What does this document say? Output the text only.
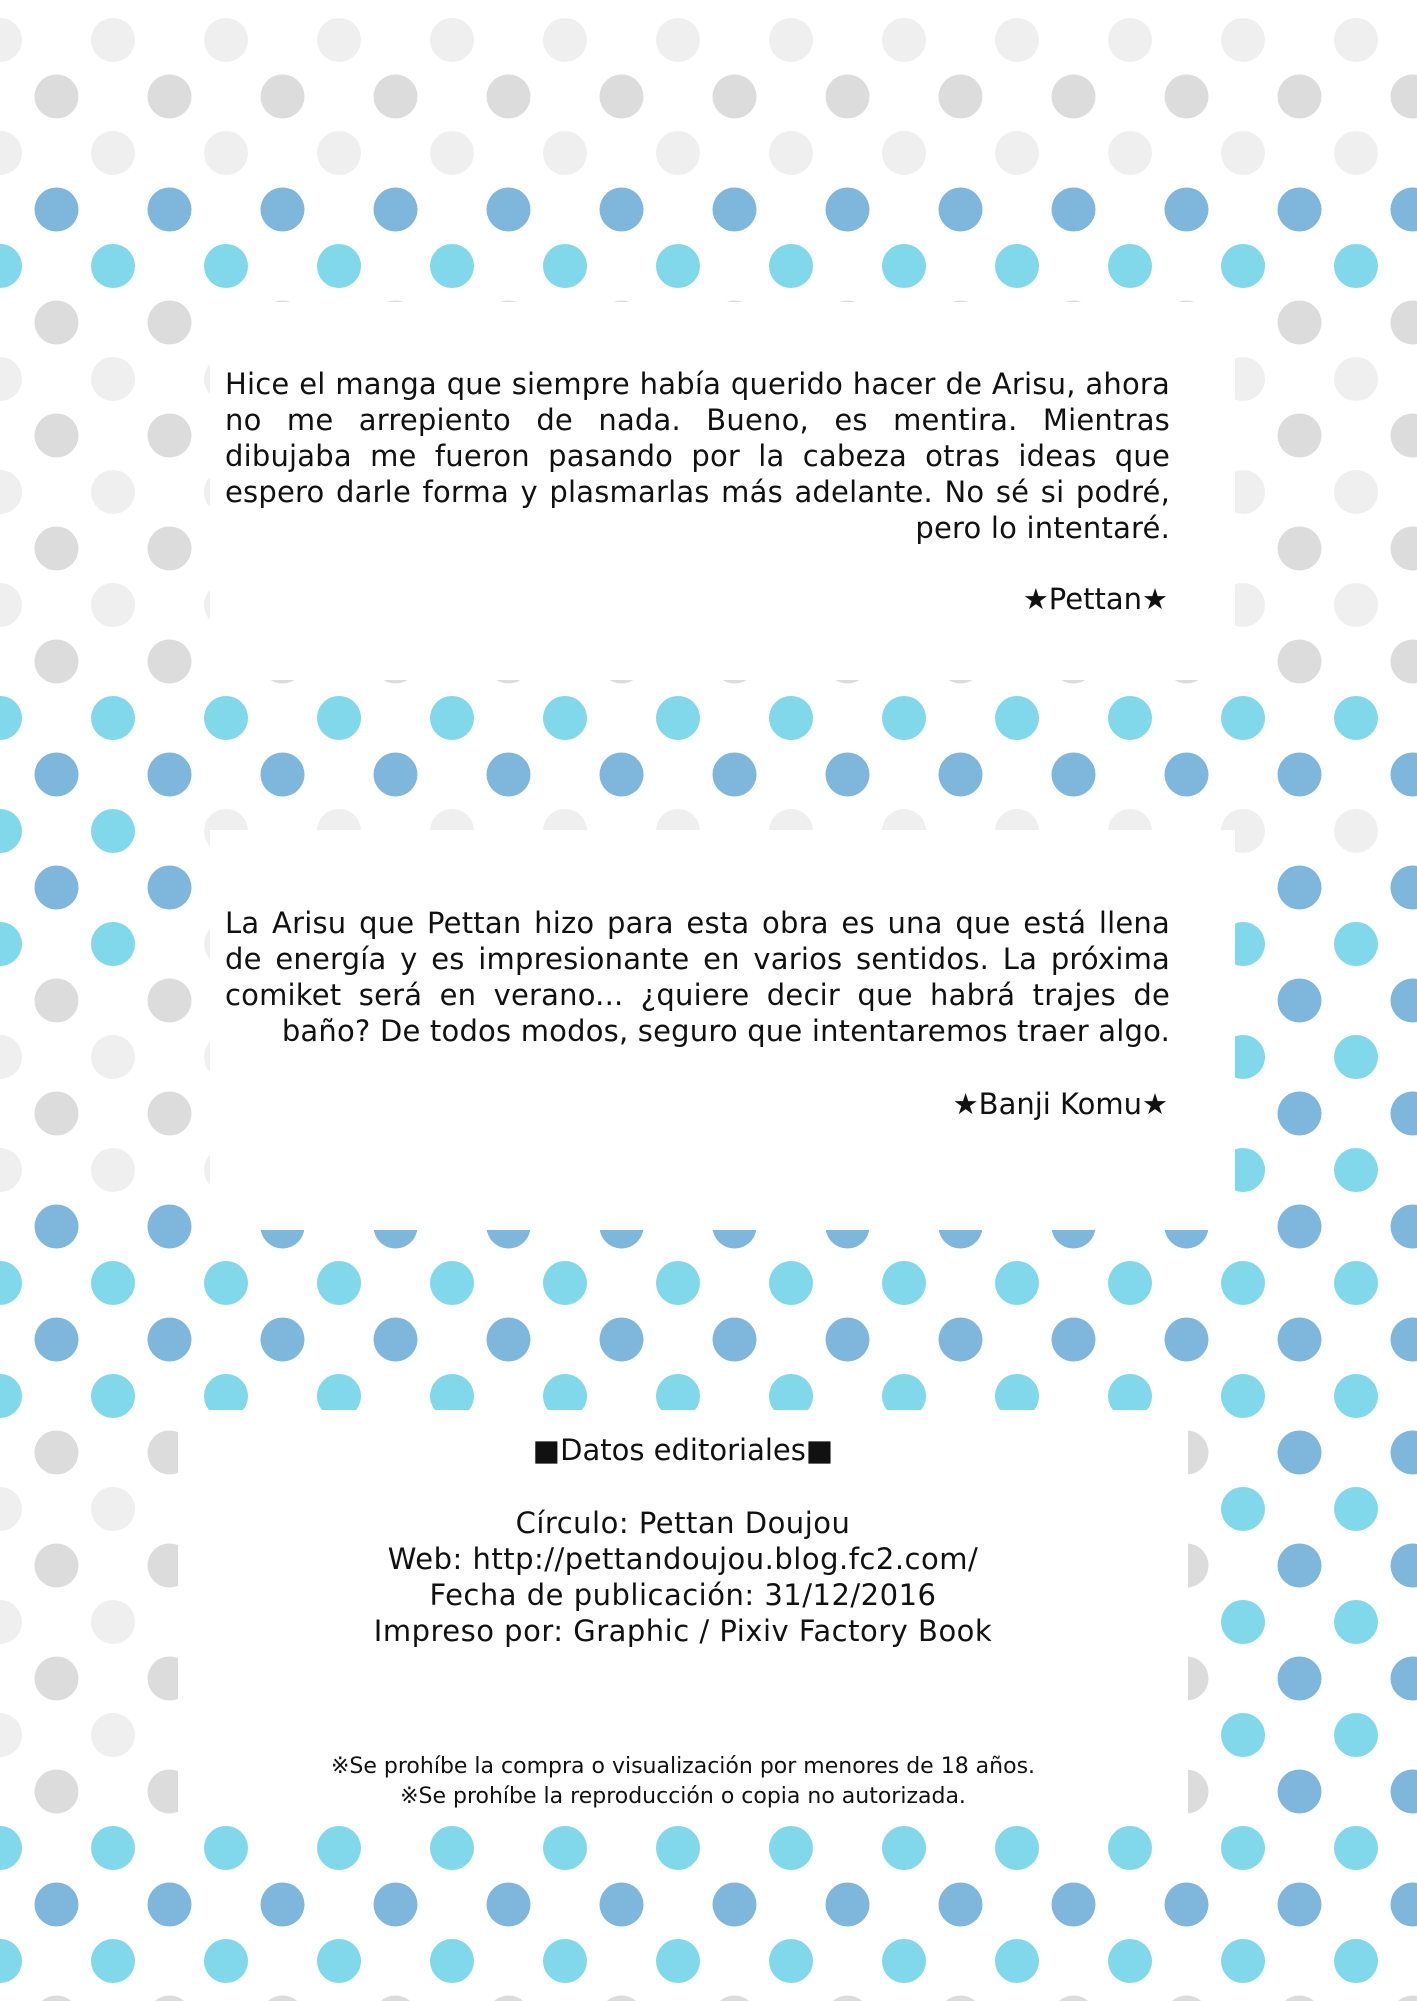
ー あ と が き ー
Hice el manga que siempre había querido hacer de Arisu, ahora no me arrepiento de nada. Bueno, es mentira. Mientras dibujaba me fueron pasando por la cabeza otras ideas que espero darle forma y plasmarlas más adelante. No sé si podré, pero lo intentaré.
★Pettan★
La Arisu que Pettan hizo para esta obra es una que está llena de energía y es impresionante en varios sentidos. La próxima comiket será en verano... ¿quiere decir que habrá trajes de baño? De todos modos, seguro que intentaremos traer algo.
★Banji Komu★
■Datos editoriales■
Círculo: Pettan Doujou
Web: http://pettandoujou.blog.fc2.com/
Fecha de publicación: 31/12/2016
Impreso por: Graphic / Pixiv Factory Book
※Se prohíbe la compra o visualización por menores de 18 años.
※Se prohíbe la reproducción o copia no autorizada.
22
